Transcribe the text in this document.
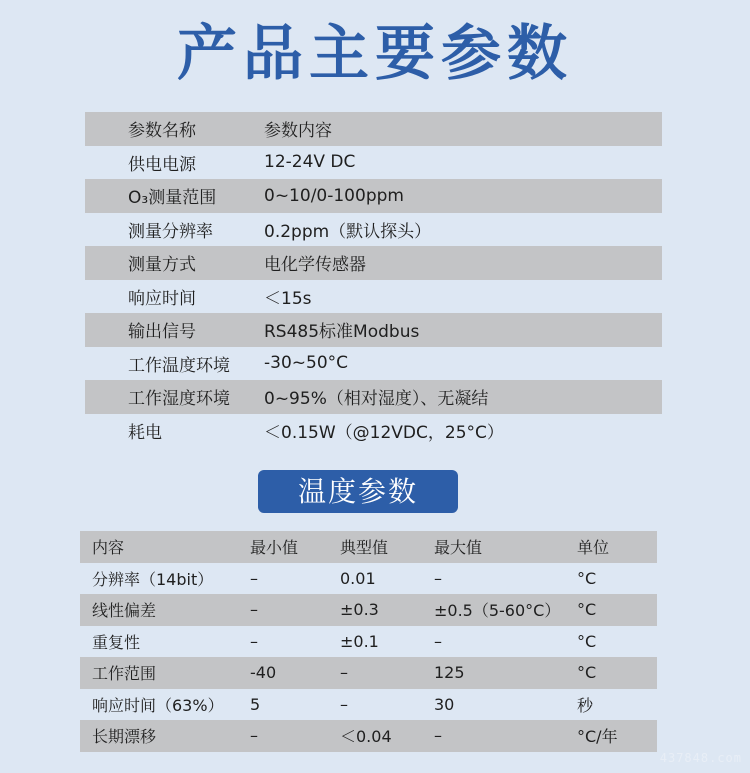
产品主要参数
参数名称	参数内容
供电电源	12-24V DC
O₃测量范围	0~10/0-100ppm
测量分辨率	0.2ppm（默认探头）
测量方式	电化学传感器
响应时间	＜15s
输出信号	RS485标准Modbus
工作温度环境	-30~50°C
工作湿度环境	0~95%（相对湿度）、无凝结
耗电	＜0.15W（@12VDC，25°C）
温度参数
内容	最小值	典型值	最大值	单位
分辨率（14bit）	–	0.01	–	°C
线性偏差	–	±0.3	±0.5（5-60°C）	°C
重复性	–	±0.1	–	°C
工作范围	-40	–	125	°C
响应时间（63%）	5	–	30	秒
长期漂移	–	＜0.04	–	°C/年
437848.com
